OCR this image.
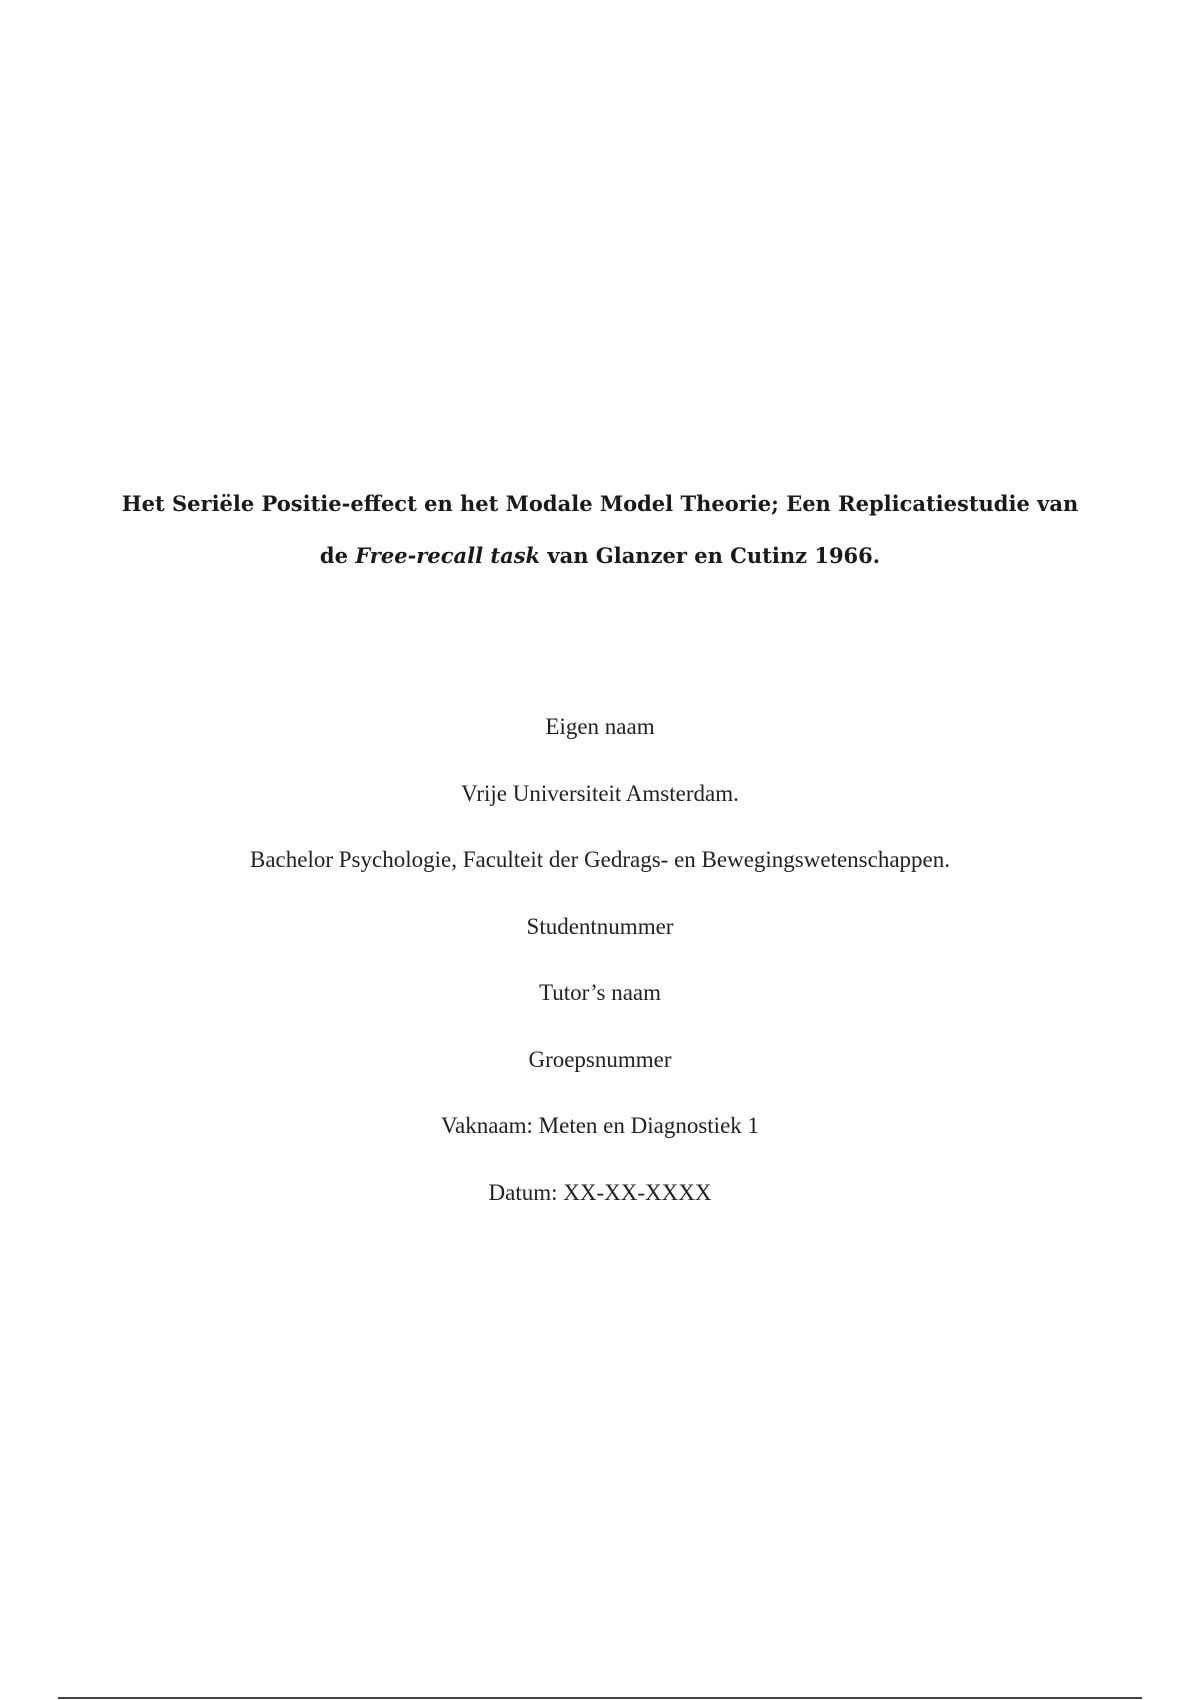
Het Seriële Positie-effect en het Modale Model Theorie; Een Replicatiestudie van
de Free-recall task van Glanzer en Cutinz 1966.
Eigen naam
Vrije Universiteit Amsterdam.
Bachelor Psychologie, Faculteit der Gedrags- en Bewegingswetenschappen.
Studentnummer
Tutor’s naam
Groepsnummer
Vaknaam: Meten en Diagnostiek 1
Datum: XX-XX-XXXX
